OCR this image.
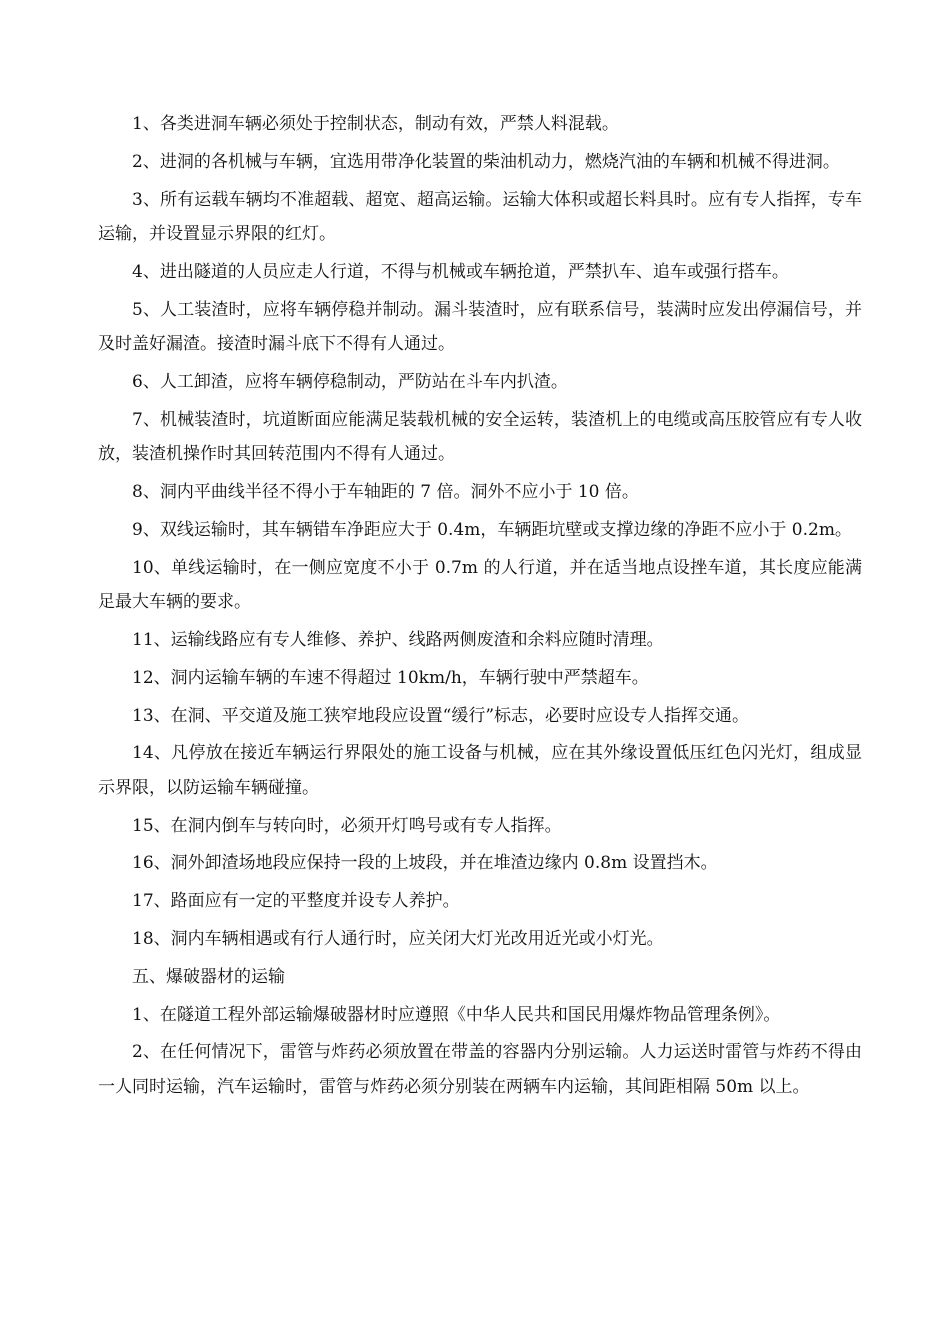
1、各类进洞车辆必须处于控制状态，制动有效，严禁人料混载。

2、进洞的各机械与车辆，宜选用带净化装置的柴油机动力，燃烧汽油的车辆和机械不得进洞。

3、所有运载车辆均不准超载、超宽、超高运输。运输大体积或超长料具时。应有专人指挥，专车运输，并设置显示界限的红灯。

4、进出隧道的人员应走人行道，不得与机械或车辆抢道，严禁扒车、追车或强行搭车。

5、人工装渣时，应将车辆停稳并制动。漏斗装渣时，应有联系信号，装满时应发出停漏信号，并及时盖好漏渣。接渣时漏斗底下不得有人通过。

6、人工卸渣，应将车辆停稳制动，严防站在斗车内扒渣。

7、机械装渣时，坑道断面应能满足装载机械的安全运转，装渣机上的电缆或高压胶管应有专人收放，装渣机操作时其回转范围内不得有人通过。

8、洞内平曲线半径不得小于车轴距的 7 倍。洞外不应小于 10 倍。

9、双线运输时，其车辆错车净距应大于 0.4m，车辆距坑壁或支撑边缘的净距不应小于 0.2m。

10、单线运输时，在一侧应宽度不小于 0.7m 的人行道，并在适当地点设挫车道，其长度应能满足最大车辆的要求。

11、运输线路应有专人维修、养护、线路两侧废渣和余料应随时清理。

12、洞内运输车辆的车速不得超过 10km/h，车辆行驶中严禁超车。

13、在洞、平交道及施工狭窄地段应设置“缓行”标志，必要时应设专人指挥交通。

14、凡停放在接近车辆运行界限处的施工设备与机械，应在其外缘设置低压红色闪光灯，组成显示界限，以防运输车辆碰撞。

15、在洞内倒车与转向时，必须开灯鸣号或有专人指挥。

16、洞外卸渣场地段应保持一段的上坡段，并在堆渣边缘内 0.8m 设置挡木。

17、路面应有一定的平整度并设专人养护。

18、洞内车辆相遇或有行人通行时，应关闭大灯光改用近光或小灯光。

五、爆破器材的运输

1、在隧道工程外部运输爆破器材时应遵照《中华人民共和国民用爆炸物品管理条例》。

2、在任何情况下，雷管与炸药必须放置在带盖的容器内分别运输。人力运送时雷管与炸药不得由一人同时运输，汽车运输时，雷管与炸药必须分别装在两辆车内运输，其间距相隔 50m 以上。
